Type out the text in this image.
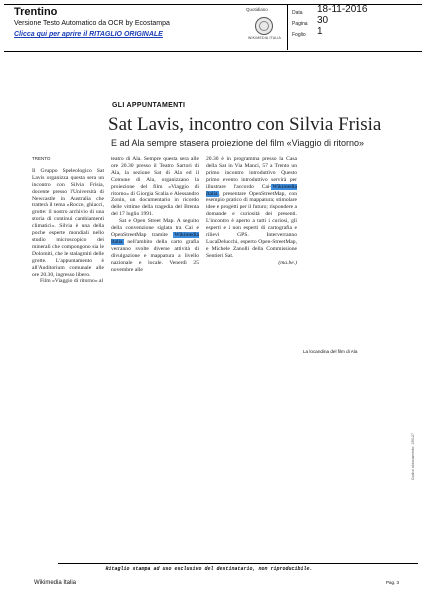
Trentino
Versione Testo Automatico da OCR by Ecostampa
Clicca qui per aprire il RITAGLIO ORIGINALE
Quotidiano
WIKIMEDIA ITALIA
Data 18-11-2016
Pagina 30
Foglio 1
GLI APPUNTAMENTI
Sat Lavis, incontro con Silvia Frisia
E ad Ala sempre stasera proiezione del film «Viaggio di ritorno»

TRENTO

Il Gruppo Speleologico Sat Lavis organizza questa sera un incontro con Silvia Frisia, docente presso l'Università di Newcastle in Australia che tratterà il tema «Rocce, ghiacci, grotte: il nostro archivio di una storia di continui cambiamenti climatici». Silvia è una della poche esperte mondiali nello studio microscopico dei minerali che compongono sia le Dolomiti, che le stalagmiti delle grotte. L'appuntamento è all'Auditorium comunale alle ore 20.30, ingresso libero.

Film «Viaggio di ritorno» al

teatro di Ala. Sempre questa sera alle ore 20.30 presso il Teatro Sartori di Ala, la sezione Sat di Ala ed il Comune di Ala, organizzano la proiezione del film «Viaggio di ritorno» di Giorgia Scalia e Alessandro Zonin, un documentario in ricordo delle vittime della tragedia del Brenta del 17 luglio 1991.

Sat e Open Street Map. A seguito della convenzione siglata tra Cai e OpenStreetMap tramite Wikimedia Italia nell'ambito della carto grafia verranno svolte diverse attività di divulgazione e mappatura a livello nazionale e locale. Venerdì 25 novembre alle

20.30 è in programma presso la Casa della Sat in Via Manci, 57 a Trento un primo incontro introduttivo Questo primo evento introduttivo servirà per illustrare l'accordo Cai-Wikimedia Italia, presentare OpenStreetMap, con esempio pratico di mappatura; stimolare idee e progetti per il futuro; rispondere a domande e curiosità dei presenti. L'incontro è aperto a tutti i curiosi, gli esperti e i non esperti di cartografia e rilievi GPS. Interverranno LucaDelucchi, esperto Open-StreetMap, e Michele Zanolli della Commissione Sentieri Sat.

(ma.be.)
La locandina del film di Ala
Codice abbonamento: 135127
Ritaglio stampa ad uso esclusivo del destinatario, non riproducibile.
Wikimedia Italia	Pag. 3
